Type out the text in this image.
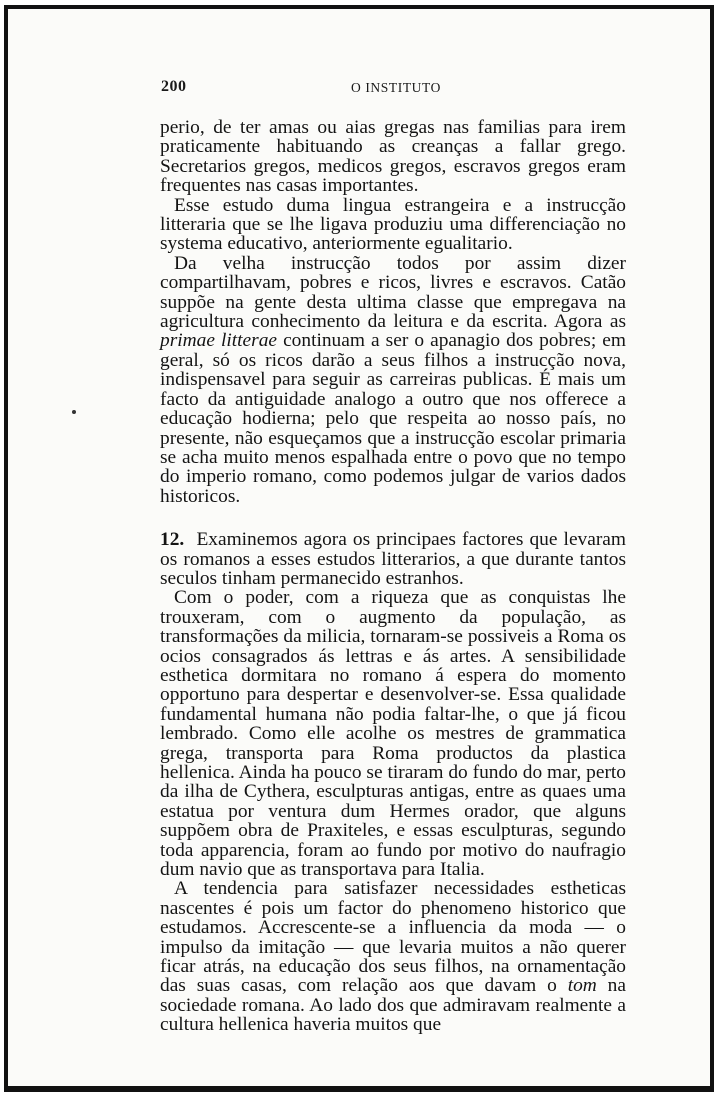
200	O INSTITUTO

perio, de ter amas ou aias gregas nas familias para irem praticamente habituando as creanças a fallar grego. Secretarios gregos, medicos gregos, escravos gregos eram frequentes nas casas importantes.

Esse estudo duma lingua estrangeira e a instrucção litteraria que se lhe ligava produziu uma differenciação no systema educativo, anteriormente egualitario.

Da velha instrucção todos por assim dizer compartilhavam, pobres e ricos, livres e escravos. Catão suppõe na gente desta ultima classe que empregava na agricultura conhecimento da leitura e da escrita. Agora as primae litterae continuam a ser o apanagio dos pobres; em geral, só os ricos darão a seus filhos a instrucção nova, indispensavel para seguir as carreiras publicas. É mais um facto da antiguidade analogo a outro que nos offerece a educação hodierna; pelo que respeita ao nosso país, no presente, não esqueçamos que a instrucção escolar primaria se acha muito menos espalhada entre o povo que no tempo do imperio romano, como podemos julgar de varios dados historicos.

12. Examinemos agora os principaes factores que levaram os romanos a esses estudos litterarios, a que durante tantos seculos tinham permanecido estranhos.

Com o poder, com a riqueza que as conquistas lhe trouxeram, com o augmento da população, as transformações da milicia, tornaram-se possiveis a Roma os ocios consagrados ás lettras e ás artes. A sensibilidade esthetica dormitara no romano á espera do momento opportuno para despertar e desenvolver-se. Essa qualidade fundamental humana não podia faltar-lhe, o que já ficou lembrado. Como elle acolhe os mestres de grammatica grega, transporta para Roma productos da plastica hellenica. Ainda ha pouco se tiraram do fundo do mar, perto da ilha de Cythera, esculpturas antigas, entre as quaes uma estatua por ventura dum Hermes orador, que alguns suppõem obra de Praxiteles, e essas esculpturas, segundo toda apparencia, foram ao fundo por motivo do naufragio dum navio que as transportava para Italia.

A tendencia para satisfazer necessidades estheticas nascentes é pois um factor do phenomeno historico que estudamos. Accrescente-se a influencia da moda — o impulso da imitação — que levaria muitos a não querer ficar atrás, na educação dos seus filhos, na ornamentação das suas casas, com relação aos que davam o tom na sociedade romana. Ao lado dos que admiravam realmente a cultura hellenica haveria muitos que
